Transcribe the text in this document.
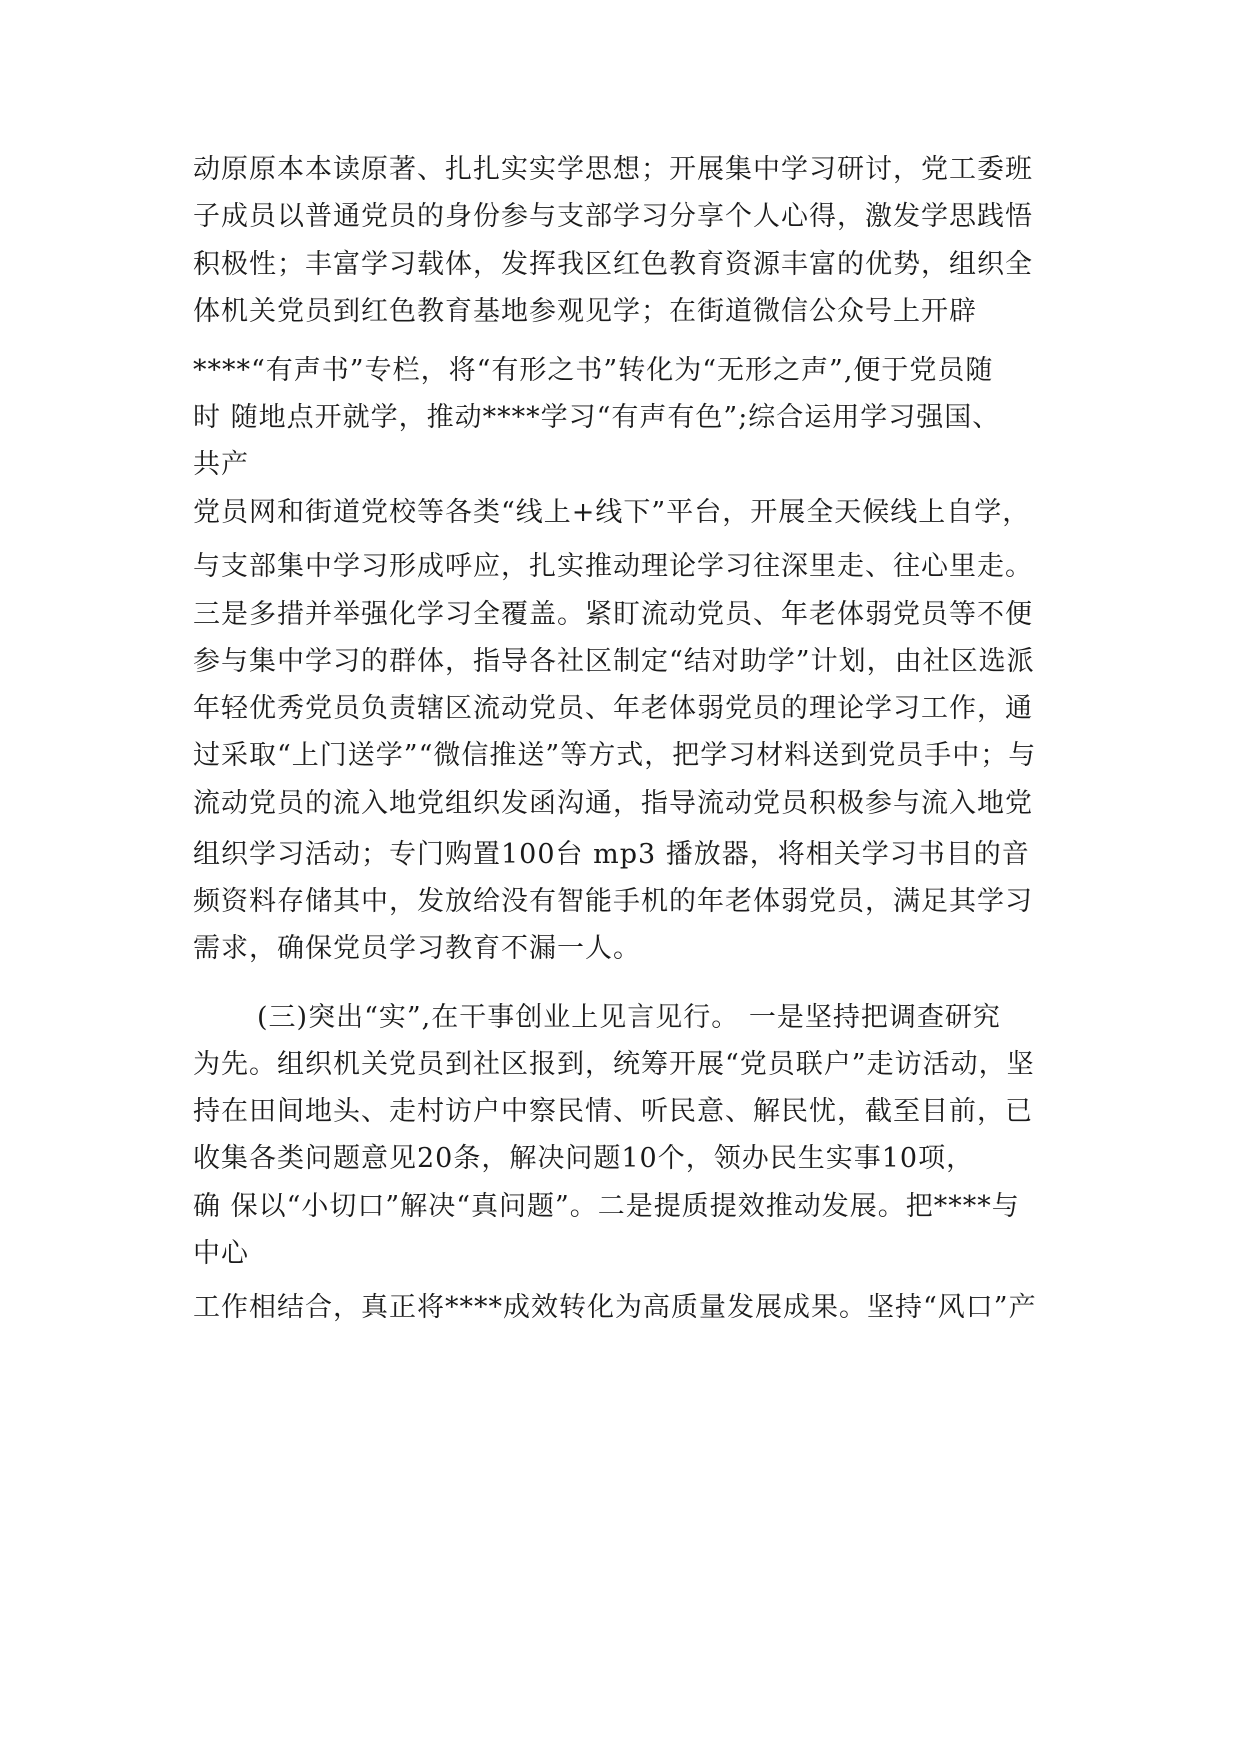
动原原本本读原著、扎扎实实学思想；开展集中学习研讨，党工委班
子成员以普通党员的身份参与支部学习分享个人心得，激发学思践悟
积极性；丰富学习载体，发挥我区红色教育资源丰富的优势，组织全
体机关党员到红色教育基地参观见学；在街道微信公众号上开辟
****“有声书”专栏，将“有形之书”转化为“无形之声”,便于党员随
时 随地点开就学，推动****学习“有声有色”;综合运用学习强国、
共产
党员网和街道党校等各类“线上+线下”平台，开展全天候线上自学，
与支部集中学习形成呼应，扎实推动理论学习往深里走、往心里走。
三是多措并举强化学习全覆盖。紧盯流动党员、年老体弱党员等不便
参与集中学习的群体，指导各社区制定“结对助学”计划，由社区选派
年轻优秀党员负责辖区流动党员、年老体弱党员的理论学习工作，通
过采取“上门送学”“微信推送”等方式，把学习材料送到党员手中；与
流动党员的流入地党组织发函沟通，指导流动党员积极参与流入地党
组织学习活动；专门购置100台 mp3 播放器，将相关学习书目的音
频资料存储其中，发放给没有智能手机的年老体弱党员，满足其学习
需求，确保党员学习教育不漏一人。
(三)突出“实”,在干事创业上见言见行。 一是坚持把调查研究
为先。组织机关党员到社区报到，统筹开展“党员联户”走访活动，坚
持在田间地头、走村访户中察民情、听民意、解民忧，截至目前，已
收集各类问题意见20条，解决问题10个，领办民生实事10项，
确 保以“小切口”解决“真问题”。二是提质提效推动发展。把****与
中心
工作相结合，真正将****成效转化为高质量发展成果。坚持“风口”产
